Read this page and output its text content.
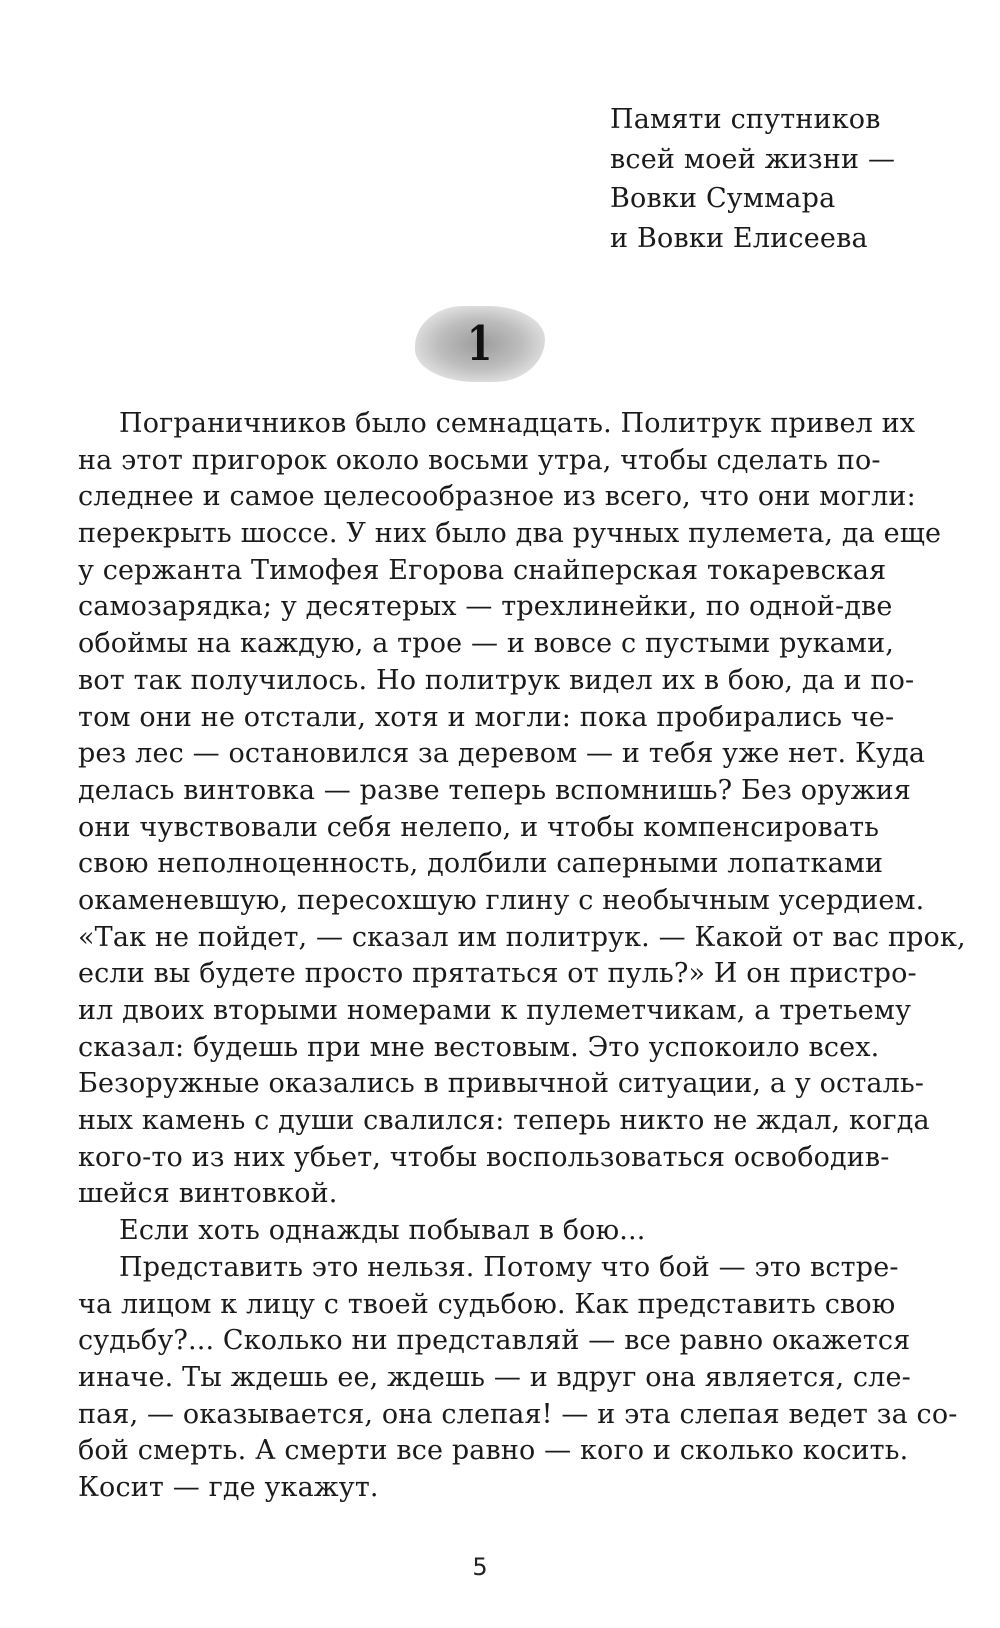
Памяти спутников
всей моей жизни —
Вовки Суммара
и Вовки Елисеева
1
Пограничников было семнадцать. Политрук привел их
на этот пригорок около восьми утра, чтобы сделать по-
следнее и самое целесообразное из всего, что они могли:
перекрыть шоссе. У них было два ручных пулемета, да еще
у сержанта Тимофея Егорова снайперская токаревская
самозарядка; у десятерых — трехлинейки, по одной-две
обоймы на каждую, а трое — и вовсе с пустыми руками,
вот так получилось. Но политрук видел их в бою, да и по-
том они не отстали, хотя и могли: пока пробирались че-
рез лес — остановился за деревом — и тебя уже нет. Куда
делась винтовка — разве теперь вспомнишь? Без оружия
они чувствовали себя нелепо, и чтобы компенсировать
свою неполноценность, долбили саперными лопатками
окаменевшую, пересохшую глину с необычным усердием.
«Так не пойдет, — сказал им политрук. — Какой от вас прок,
если вы будете просто прятаться от пуль?» И он пристро-
ил двоих вторыми номерами к пулеметчикам, а третьему
сказал: будешь при мне вестовым. Это успокоило всех.
Безоружные оказались в привычной ситуации, а у осталь-
ных камень с души свалился: теперь никто не ждал, когда
кого-то из них убьет, чтобы воспользоваться освободив-
шейся винтовкой.
Если хоть однажды побывал в бою...
Представить это нельзя. Потому что бой — это встре-
ча лицом к лицу с твоей судьбою. Как представить свою
судьбу?... Сколько ни представляй — все равно окажется
иначе. Ты ждешь ее, ждешь — и вдруг она является, сле-
пая, — оказывается, она слепая! — и эта слепая ведет за со-
бой смерть. А смерти все равно — кого и сколько косить.
Косит — где укажут.
5
